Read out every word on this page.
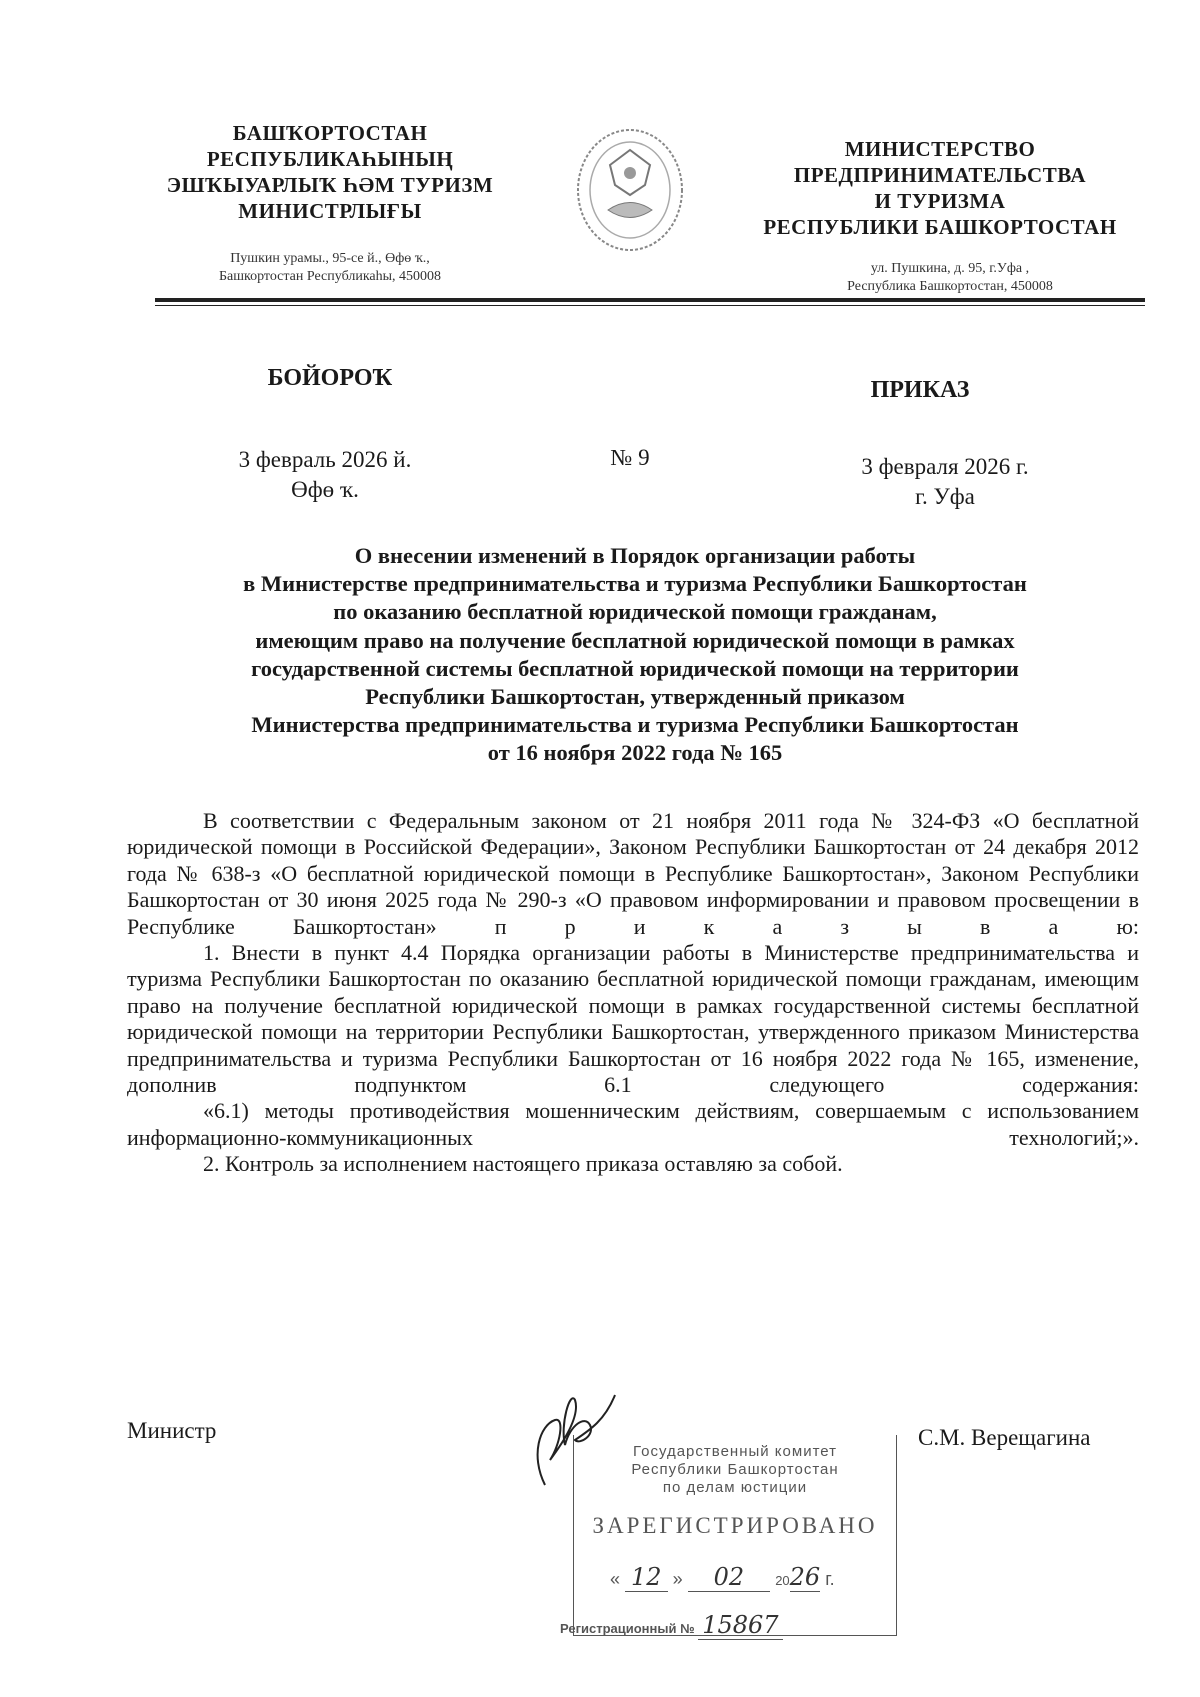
БАШҠОРТОСТАН
РЕСПУБЛИКАҺЫНЫҢ
ЭШҠЫУАРЛЫҠ ҺӘМ ТУРИЗМ
МИНИСТРЛЫҒЫ
Пушкин урамы., 95-се й., Өфө ҡ.,
Башкортостан Республикаһы, 450008
МИНИСТЕРСТВО
ПРЕДПРИНИМАТЕЛЬСТВА
И ТУРИЗМА
РЕСПУБЛИКИ БАШКОРТОСТАН
ул. Пушкина, д. 95, г.Уфа ,
Республика Башкортостан, 450008
БОЙОРОҠ	ПРИКАЗ
3 февраль 2026 й.
Өфө ҡ.
№ 9	3 февраля 2026 г.
г. Уфа
О внесении изменений в Порядок организации работы
в Министерстве предпринимательства и туризма Республики Башкортостан
по оказанию бесплатной юридической помощи гражданам,
имеющим право на получение бесплатной юридической помощи в рамках
государственной системы бесплатной юридической помощи на территории
Республики Башкортостан, утвержденный приказом
Министерства предпринимательства и туризма Республики Башкортостан
от 16 ноября 2022 года № 165

В соответствии с Федеральным законом от 21 ноября 2011 года № 324-ФЗ «О бесплатной юридической помощи в Российской Федерации», Законом Республики Башкортостан от 24 декабря 2012 года № 638-з «О бесплатной юридической помощи в Республике Башкортостан», Законом Республики Башкортостан от 30 июня 2025 года № 290-з «О правовом информировании и правовом просвещении в Республике Башкортостан» п р и к а з ы в а ю:

1. Внести в пункт 4.4 Порядка организации работы в Министерстве предпринимательства и туризма Республики Башкортостан по оказанию бесплатной юридической помощи гражданам, имеющим право на получение бесплатной юридической помощи в рамках государственной системы бесплатной юридической помощи на территории Республики Башкортостан, утвержденного приказом Министерства предпринимательства и туризма Республики Башкортостан от 16 ноября 2022 года № 165, изменение, дополнив подпунктом 6.1 следующего содержания:

«6.1) методы противодействия мошенническим действиям, совершаемым с использованием информационно-коммуникационных технологий;».

2. Контроль за исполнением настоящего приказа оставляю за собой.

Министр	С.М. Верещагина
Государственный комитет
Республики Башкортостан
по делам юстиции
ЗАРЕГИСТРИРОВАНО
« 12 » 02 2026 г.
Регистрационный № 15867
